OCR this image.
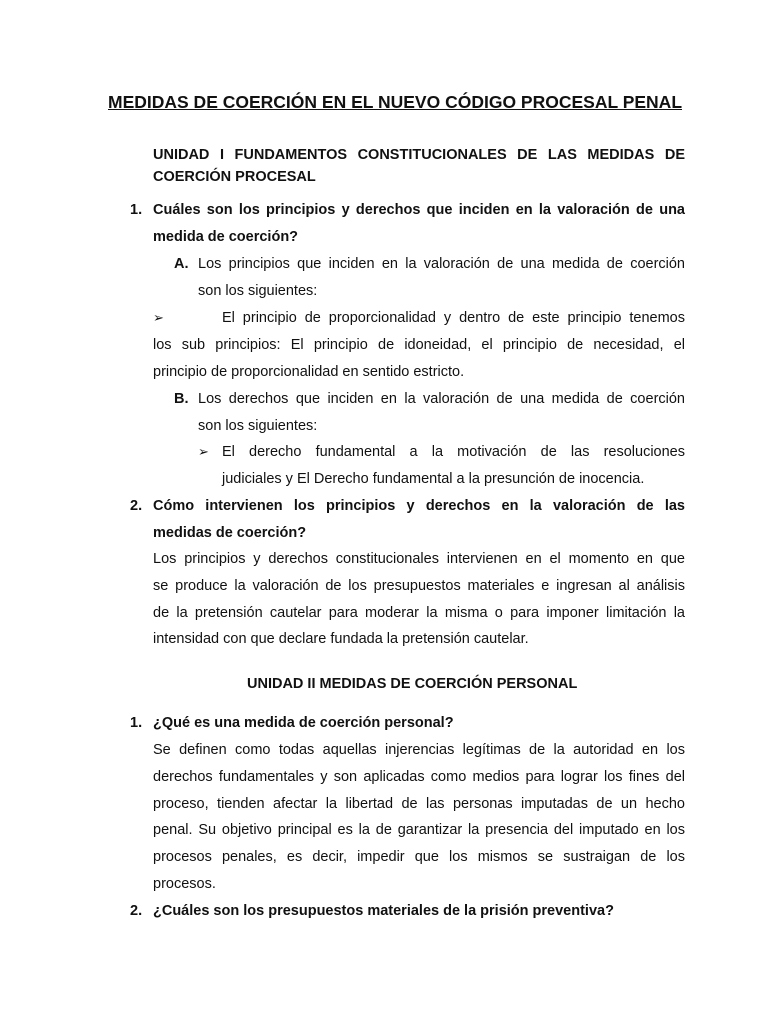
MEDIDAS DE COERCIÓN EN EL NUEVO CÓDIGO PROCESAL PENAL
UNIDAD I FUNDAMENTOS CONSTITUCIONALES DE LAS MEDIDAS DE
COERCIÓN PROCESAL
1. Cuáles son los principios y derechos que inciden en la valoración de una
medida de coerción?
A. Los principios que inciden en la valoración de una medida de coerción
son los siguientes:
➢	El principio de proporcionalidad y dentro de este principio tenemos
los sub principios: El principio de idoneidad, el principio de necesidad, el
principio de proporcionalidad en sentido estricto.
B. Los derechos que inciden en la valoración de una medida de coerción
son los siguientes:
➢ El derecho fundamental a la motivación de las resoluciones
judiciales y El Derecho fundamental a la presunción de inocencia.
2. Cómo intervienen los principios y derechos en la valoración de las
medidas de coerción?
Los principios y derechos constitucionales intervienen en el momento en que
se produce la valoración de los presupuestos materiales e ingresan al análisis
de la pretensión cautelar para moderar la misma o para imponer limitación la
intensidad con que declare fundada la pretensión cautelar.
UNIDAD II MEDIDAS DE COERCIÓN PERSONAL
1. ¿Qué es una medida de coerción personal?
Se definen como todas aquellas injerencias legítimas de la autoridad en los
derechos fundamentales y son aplicadas como medios para lograr los fines del
proceso, tienden afectar la libertad de las personas imputadas de un hecho
penal. Su objetivo principal es la de garantizar la presencia del imputado en los
procesos penales, es decir, impedir que los mismos se sustraigan de los
procesos.
2. ¿Cuáles son los presupuestos materiales de la prisión preventiva?
